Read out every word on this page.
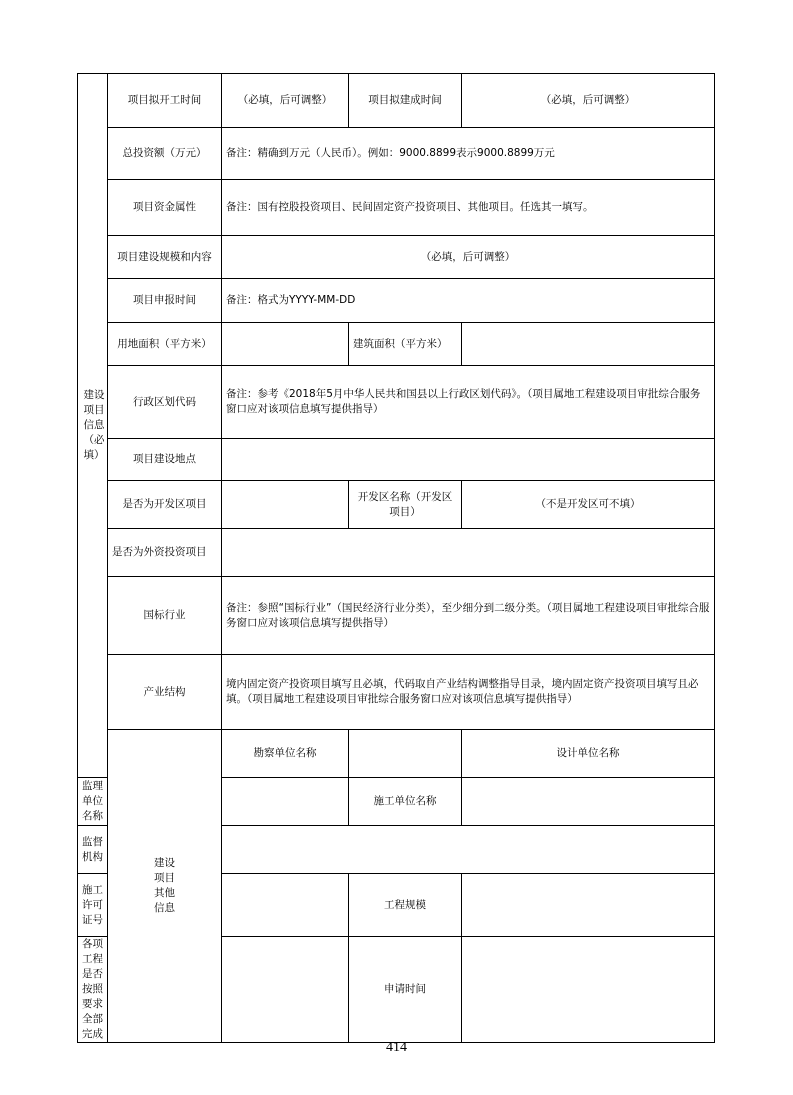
建设项目信息（必填）	项目拟开工时间	（必填，后可调整）	项目拟建成时间	（必填，后可调整）	
	总投资额（万元）	备注：精确到万元（人民币）。例如：9000.8899表示9000.8899万元			
	项目资金属性	备注：国有控股投资项目、民间固定资产投资项目、其他项目。任选其一填写。			
	项目建设规模和内容	（必填，后可调整）			
	项目申报时间	备注：格式为YYYY-MM-DD			
	用地面积（平方米）		建筑面积（平方米）		
	行政区划代码	备注：参考《2018年5月中华人民共和国县以上行政区划代码》。（项目属地工程建设项目审批综合服务窗口应对该项信息填写提供指导）			
	项目建设地点				
	是否为开发区项目		开发区名称（开发区项目）	（不是开发区可不填）	
	是否为外资投资项目				
	国标行业	备注：参照“国标行业”（国民经济行业分类），至少细分到二级分类。（项目属地工程建设项目审批综合服务窗口应对该项信息填写提供指导）			
	产业结构	境内固定资产投资项目填写且必填，代码取自产业结构调整指导目录，境内固定资产投资项目填写且必填。（项目属地工程建设项目审批综合服务窗口应对该项信息填写提供指导）			
	建设项目其他信息	勘察单位名称		设计单位名称	
监理单位名称			施工单位名称		
监督机构					
施工许可证号			工程规模		
各项工程是否按照要求全部完成			申请时间		
414
